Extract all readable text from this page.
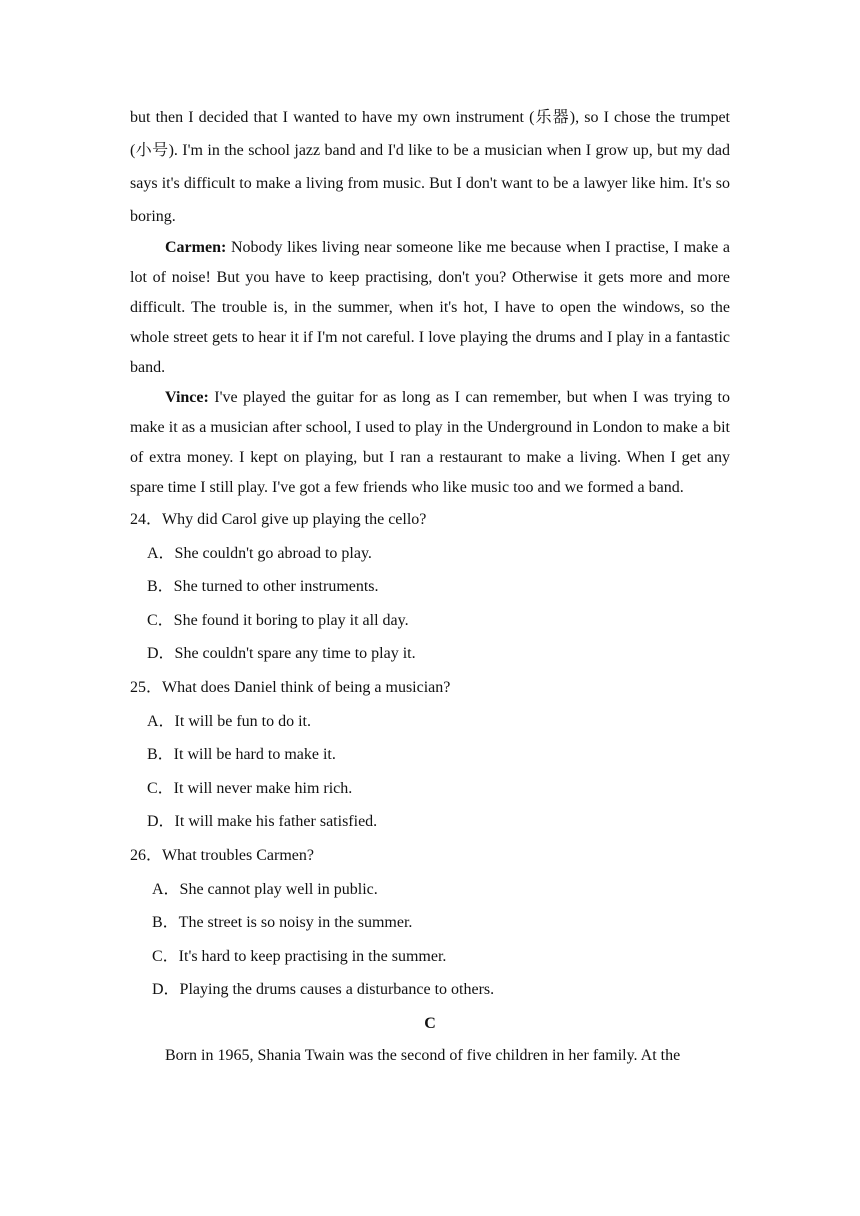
but then I decided that I wanted to have my own instrument (乐器), so I chose the trumpet (小号). I'm in the school jazz band and I'd like to be a musician when I grow up, but my dad says it's difficult to make a living from music. But I don't want to be a lawyer like him. It's so boring.

Carmen: Nobody likes living near someone like me because when I practise, I make a lot of noise! But you have to keep practising, don't you? Otherwise it gets more and more difficult. The trouble is, in the summer, when it's hot, I have to open the windows, so the whole street gets to hear it if I'm not careful. I love playing the drums and I play in a fantastic band.

Vince: I've played the guitar for as long as I can remember, but when I was trying to make it as a musician after school, I used to play in the Underground in London to make a bit of extra money. I kept on playing, but I ran a restaurant to make a living. When I get any spare time I still play. I've got a few friends who like music too and we formed a band.

24．Why did Carol give up playing the cello?

A．She couldn't go abroad to play.

B．She turned to other instruments.

C．She found it boring to play it all day.

D．She couldn't spare any time to play it.

25．What does Daniel think of being a musician?

A．It will be fun to do it.

B．It will be hard to make it.

C．It will never make him rich.

D．It will make his father satisfied.

26．What troubles Carmen?

A．She cannot play well in public.

B．The street is so noisy in the summer.

C．It's hard to keep practising in the summer.

D．Playing the drums causes a disturbance to others.

C

Born in 1965, Shania Twain was the second of five children in her family. At the
